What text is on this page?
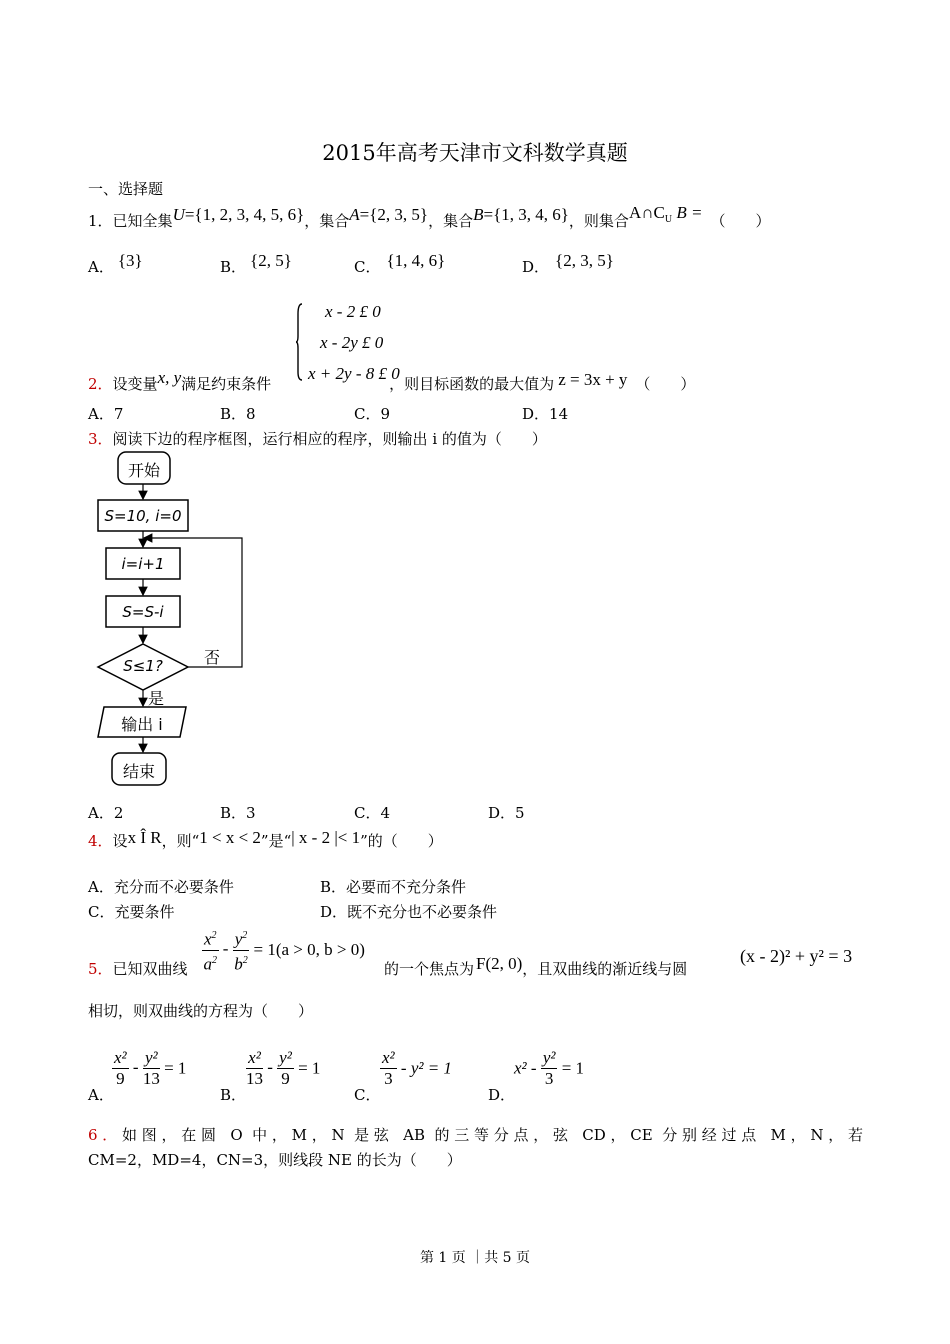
2015年高考天津市文科数学真题
一、选择题
1．已知全集U={1, 2, 3, 4, 5, 6}，集合A={2, 3, 5}，集合B={1, 3, 4, 6}，则集合$A\cap C^U$ B = （　　）
A． {3}	B． {2, 5}	C． {1, 4, 6}	D． {2, 3, 5}
x - 2 £ 0
x - 2y £ 0
x + 2y - 8 £ 0
2．设变量x, y满足约束条件	，则目标函数的最大值为 z = 3x + y （　　）
A．7	B．8	C．9	D．14
3．阅读下边的程序框图，运行相应的程序，则输出 i 的值为（　　）
开始
S=10, i=0
i=i+1
S=S-i
S≤1?	否
是
输出 i
结束
A．2	B．3	C．4	D．5
4．设x Î R，则“1 < x < 2”是“| x - 2 |< 1”的（　　）
A．充分而不必要条件	B．必要而不充分条件
C．充要条件	D．既不充分也不必要条件
5．已知双曲线 $\frac{x^2}{a^2} - \frac{y^2}{b^2} = 1(a > 0$, b > 0)
的一个焦点为 F(2, 0)，且双曲线的渐近线与圆
(x - 2)² + y² = 3
相切，则双曲线的方程为（　　）
A．
$\frac{\text{x²}}{9} - \frac{\text{y²}}{13} = 1$
B．
$\frac{\text{x²}}{13} - \frac{\text{y²}}{9} = 1$
C．
$\frac{\text{x²}}{3} - y^2 = 1$
D．
$x^2 - \frac{\text{y²}}{3} = 1$
6．如图，在圆 O 中，M，N 是弦 AB 的三等分点，弦 CD，CE 分别经过点 M，N，若
CM=2，MD=4，CN=3，则线段 NE 的长为（　　）
第 1 页 ｜共 5 页
